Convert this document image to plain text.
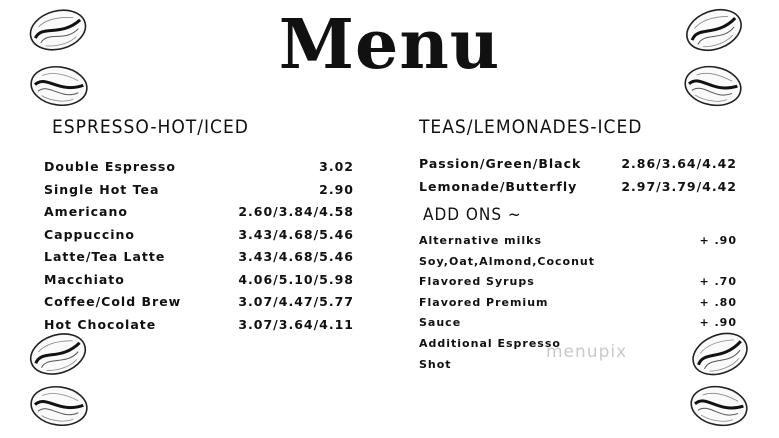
Menu
ESPRESSO-HOT/ICED
Double Espresso	3.02
Single Hot Tea	2.90
Americano	2.60/3.84/4.58
Cappuccino	3.43/4.68/5.46
Latte/Tea Latte	3.43/4.68/5.46
Macchiato	4.06/5.10/5.98
Coffee/Cold Brew	3.07/4.47/5.77
Hot Chocolate	3.07/3.64/4.11
TEAS/LEMONADES-ICED
Passion/Green/Black	2.86/3.64/4.42
Lemonade/Butterfly	2.97/3.79/4.42
ADD ONS ~
Alternative milks	+ .90
Soy,Oat,Almond,Coconut
Flavored Syrups	+ .70
Flavored Premium	+ .80
Sauce	+ .90
Additional Espresso
Shot
menupix
